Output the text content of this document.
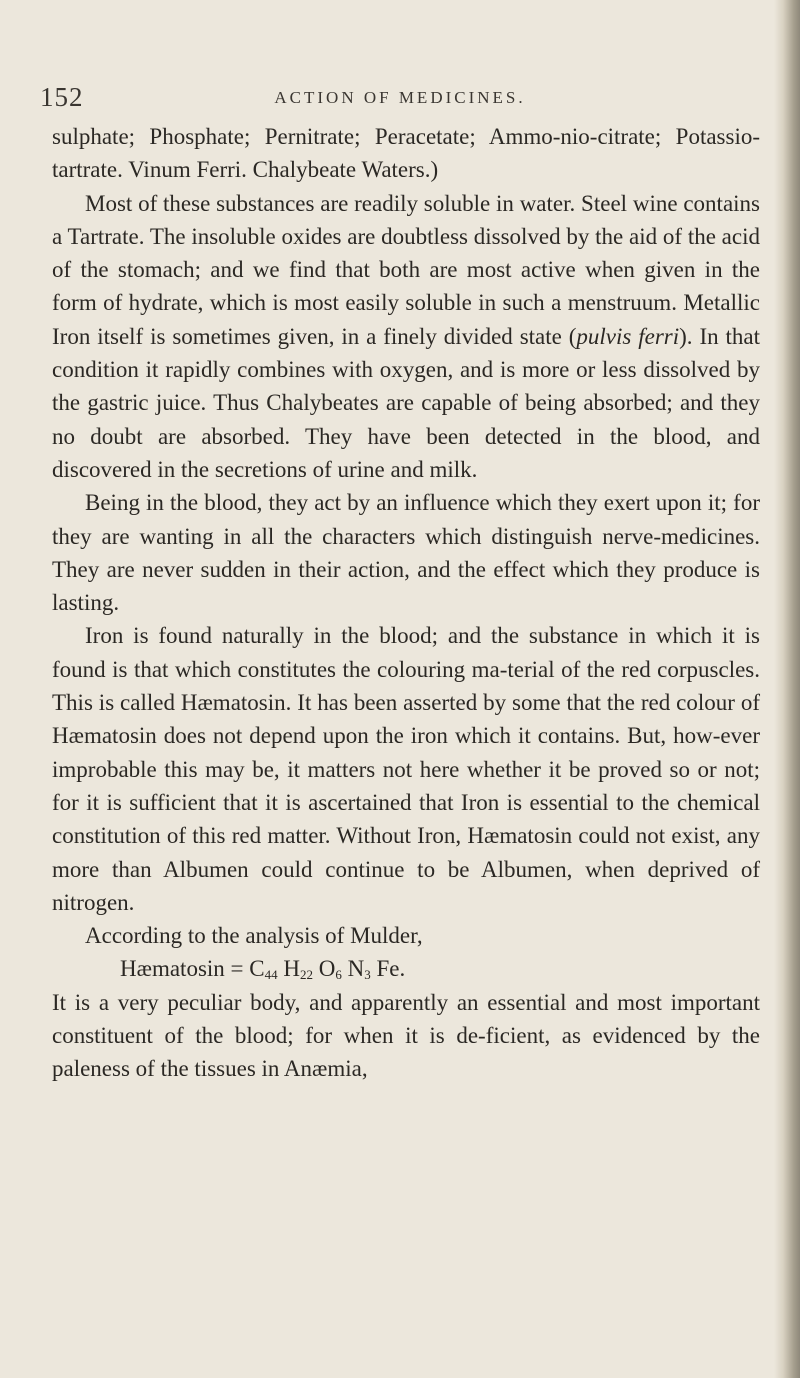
152	ACTION OF MEDICINES.

sulphate; Phosphate; Pernitrate; Peracetate; Ammo-nio-citrate; Potassio-tartrate. Vinum Ferri. Chalybeate Waters.)

Most of these substances are readily soluble in water. Steel wine contains a Tartrate. The insoluble oxides are doubtless dissolved by the aid of the acid of the stomach; and we find that both are most active when given in the form of hydrate, which is most easily soluble in such a menstruum. Metallic Iron itself is sometimes given, in a finely divided state (pulvis ferri). In that condition it rapidly combines with oxygen, and is more or less dissolved by the gastric juice. Thus Chalybeates are capable of being absorbed; and they no doubt are absorbed. They have been detected in the blood, and discovered in the secretions of urine and milk.

Being in the blood, they act by an influence which they exert upon it; for they are wanting in all the characters which distinguish nerve-medicines. They are never sudden in their action, and the effect which they produce is lasting.

Iron is found naturally in the blood; and the substance in which it is found is that which constitutes the colouring ma-terial of the red corpuscles. This is called Hæmatosin. It has been asserted by some that the red colour of Hæmatosin does not depend upon the iron which it contains. But, how-ever improbable this may be, it matters not here whether it be proved so or not; for it is sufficient that it is ascertained that Iron is essential to the chemical constitution of this red matter. Without Iron, Hæmatosin could not exist, any more than Albumen could continue to be Albumen, when deprived of nitrogen.

According to the analysis of Mulder,

Hæmatosin = $C_{44}$ $H_{22}$ $O_6$ $N_3$ Fe.

It is a very peculiar body, and apparently an essential and most important constituent of the blood; for when it is de-ficient, as evidenced by the paleness of the tissues in Anæmia,
